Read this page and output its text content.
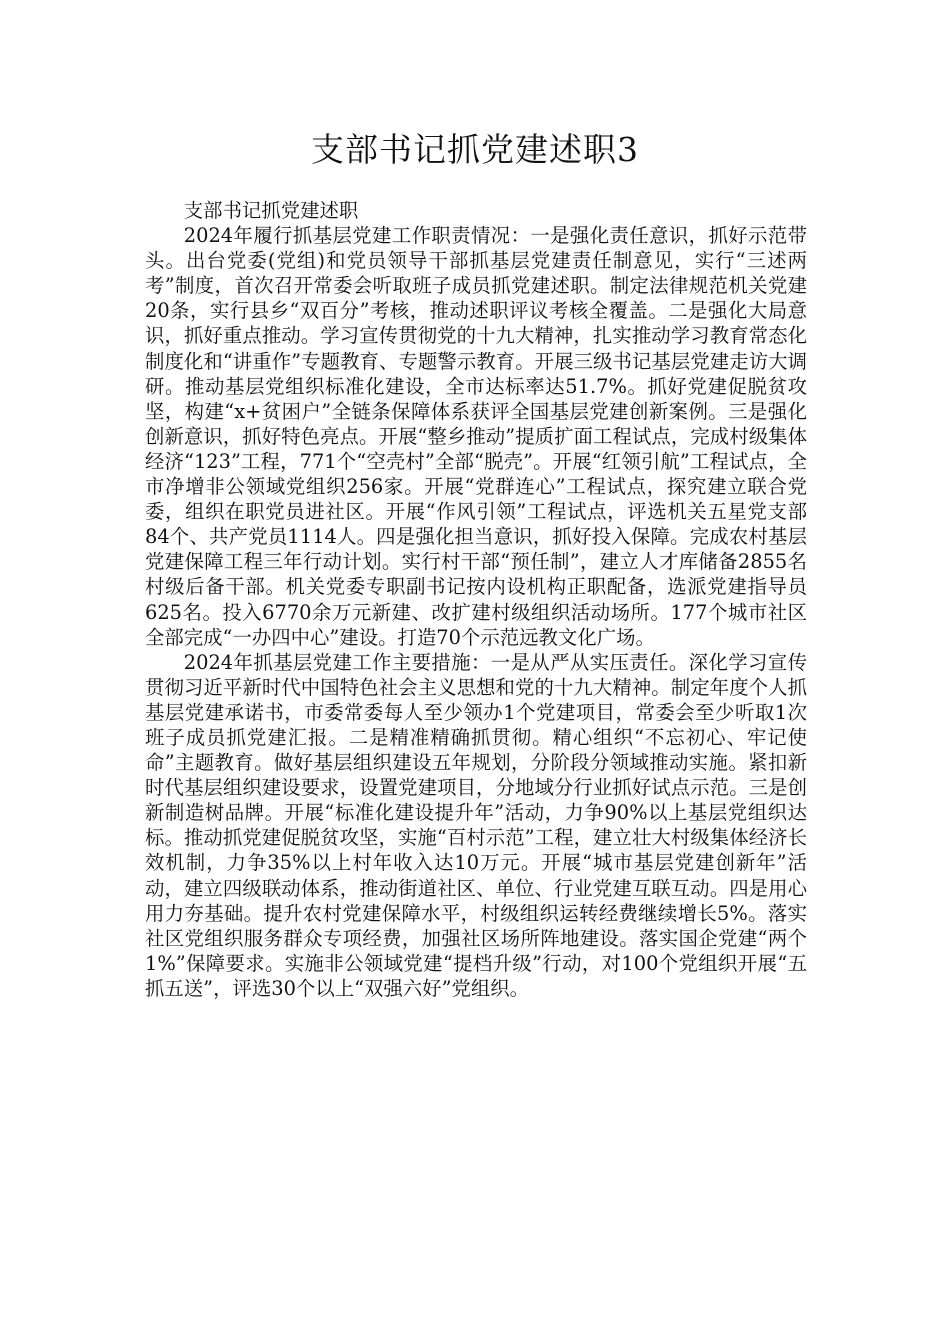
支部书记抓党建述职3

支部书记抓党建述职

2024年履行抓基层党建工作职责情况：一是强化责任意识，抓好示范带头。出台党委(党组)和党员领导干部抓基层党建责任制意见，实行“三述两考”制度，首次召开常委会听取班子成员抓党建述职。制定法律规范机关党建20条，实行县乡“双百分”考核，推动述职评议考核全覆盖。二是强化大局意识，抓好重点推动。学习宣传贯彻党的十九大精神，扎实推动学习教育常态化制度化和“讲重作”专题教育、专题警示教育。开展三级书记基层党建走访大调研。推动基层党组织标准化建设，全市达标率达51.7%。抓好党建促脱贫攻坚，构建“x+贫困户”全链条保障体系获评全国基层党建创新案例。三是强化创新意识，抓好特色亮点。开展“整乡推动”提质扩面工程试点，完成村级集体经济“123”工程，771个“空壳村”全部“脱壳”。开展“红领引航”工程试点，全市净增非公领域党组织256家。开展“党群连心”工程试点，探究建立联合党委，组织在职党员进社区。开展“作风引领”工程试点，评选机关五星党支部84个、共产党员1114人。四是强化担当意识，抓好投入保障。完成农村基层党建保障工程三年行动计划。实行村干部“预任制”，建立人才库储备2855名村级后备干部。机关党委专职副书记按内设机构正职配备，选派党建指导员625名。投入6770余万元新建、改扩建村级组织活动场所。177个城市社区全部完成“一办四中心”建设。打造70个示范远教文化广场。

2024年抓基层党建工作主要措施：一是从严从实压责任。深化学习宣传贯彻习近平新时代中国特色社会主义思想和党的十九大精神。制定年度个人抓基层党建承诺书，市委常委每人至少领办1个党建项目，常委会至少听取1次班子成员抓党建汇报。二是精准精确抓贯彻。精心组织“不忘初心、牢记使命”主题教育。做好基层组织建设五年规划，分阶段分领域推动实施。紧扣新时代基层组织建设要求，设置党建项目，分地域分行业抓好试点示范。三是创新制造树品牌。开展“标准化建设提升年”活动，力争90%以上基层党组织达标。推动抓党建促脱贫攻坚，实施“百村示范”工程，建立壮大村级集体经济长效机制，力争35%以上村年收入达10万元。开展“城市基层党建创新年”活动，建立四级联动体系，推动街道社区、单位、行业党建互联互动。四是用心用力夯基础。提升农村党建保障水平，村级组织运转经费继续增长5%。落实社区党组织服务群众专项经费，加强社区场所阵地建设。落实国企党建“两个1%”保障要求。实施非公领域党建“提档升级”行动，对100个党组织开展“五抓五送”，评选30个以上“双强六好”党组织。
